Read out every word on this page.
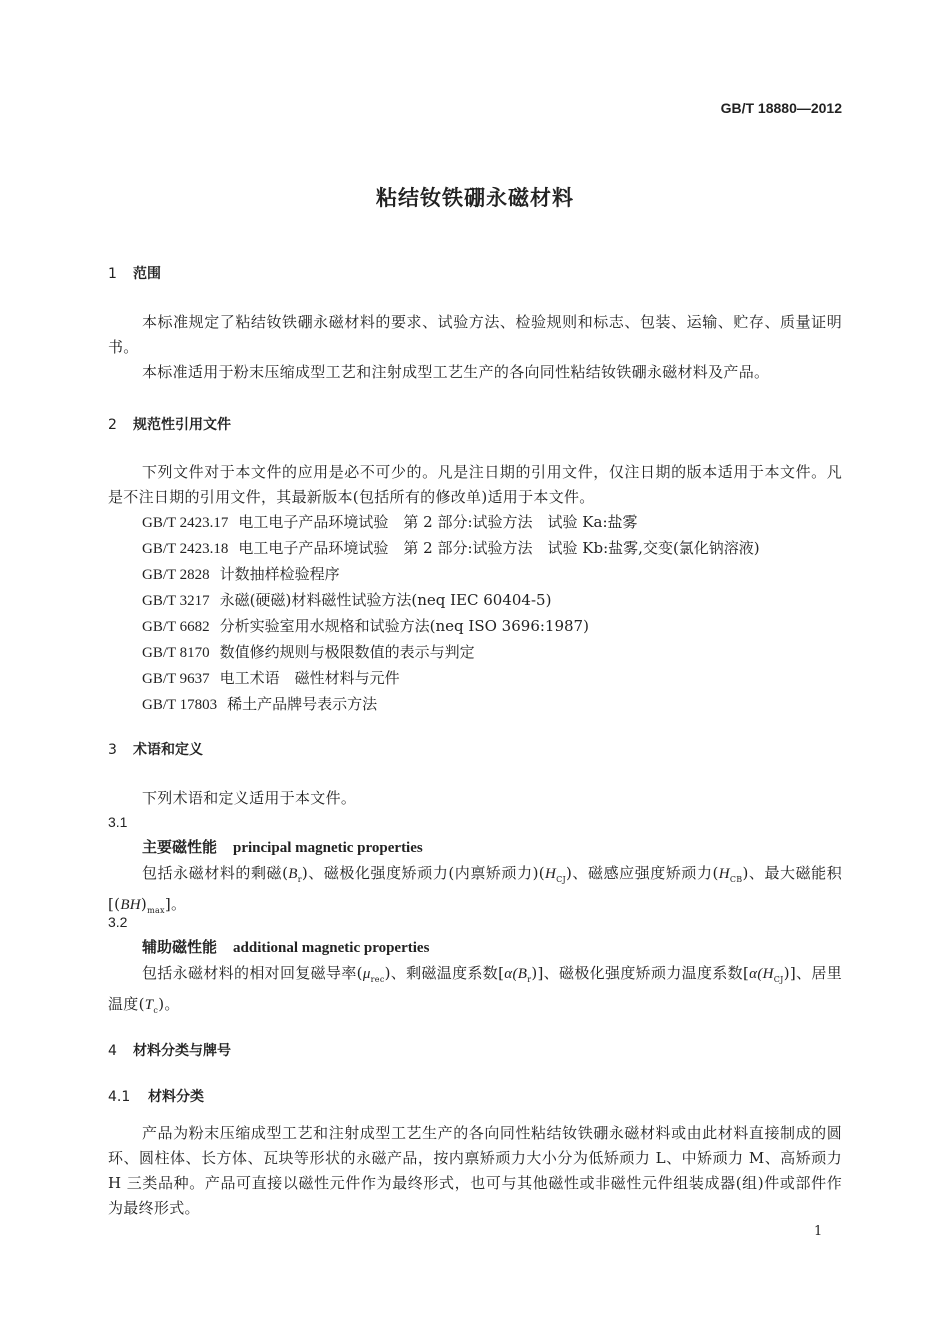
GB/T 18880—2012
粘结钕铁硼永磁材料
1 范围
本标准规定了粘结钕铁硼永磁材料的要求、试验方法、检验规则和标志、包装、运输、贮存、质量证明书。
本标准适用于粉末压缩成型工艺和注射成型工艺生产的各向同性粘结钕铁硼永磁材料及产品。
2 规范性引用文件
下列文件对于本文件的应用是必不可少的。凡是注日期的引用文件，仅注日期的版本适用于本文件。凡是不注日期的引用文件，其最新版本(包括所有的修改单)适用于本文件。
GB/T 2423.17 电工电子产品环境试验　第 2 部分:试验方法　试验 Ka:盐雾
GB/T 2423.18 电工电子产品环境试验　第 2 部分:试验方法　试验 Kb:盐雾,交变(氯化钠溶液)
GB/T 2828 计数抽样检验程序
GB/T 3217 永磁(硬磁)材料磁性试验方法(neq IEC 60404-5)
GB/T 6682 分析实验室用水规格和试验方法(neq ISO 3696:1987)
GB/T 8170 数值修约规则与极限数值的表示与判定
GB/T 9637 电工术语　磁性材料与元件
GB/T 17803 稀土产品牌号表示方法
3 术语和定义
下列术语和定义适用于本文件。
3.1
主要磁性能 principal magnetic properties
包括永磁材料的剩磁$(B_r)$、磁极化强度矫顽力(内禀矫顽力)$(H_{CJ})$、磁感应强度矫顽力$(H_{CB})$、最大磁能积$[(BH)_{max}]$。
3.2
辅助磁性能 additional magnetic properties
包括永磁材料的相对回复磁导率$(\mu_{rec})$、剩磁温度系数$[\alpha(B_r)]$、磁极化强度矫顽力温度系数$[\alpha(H_{CJ})]$、居里温度$(T_c)$。
4 材料分类与牌号
4.1 材料分类
产品为粉末压缩成型工艺和注射成型工艺生产的各向同性粘结钕铁硼永磁材料或由此材料直接制成的圆环、圆柱体、长方体、瓦块等形状的永磁产品，按内禀矫顽力大小分为低矫顽力 L、中矫顽力 M、高矫顽力 H 三类品种。产品可直接以磁性元件作为最终形式，也可与其他磁性或非磁性元件组装成器(组)件或部件作为最终形式。
1
